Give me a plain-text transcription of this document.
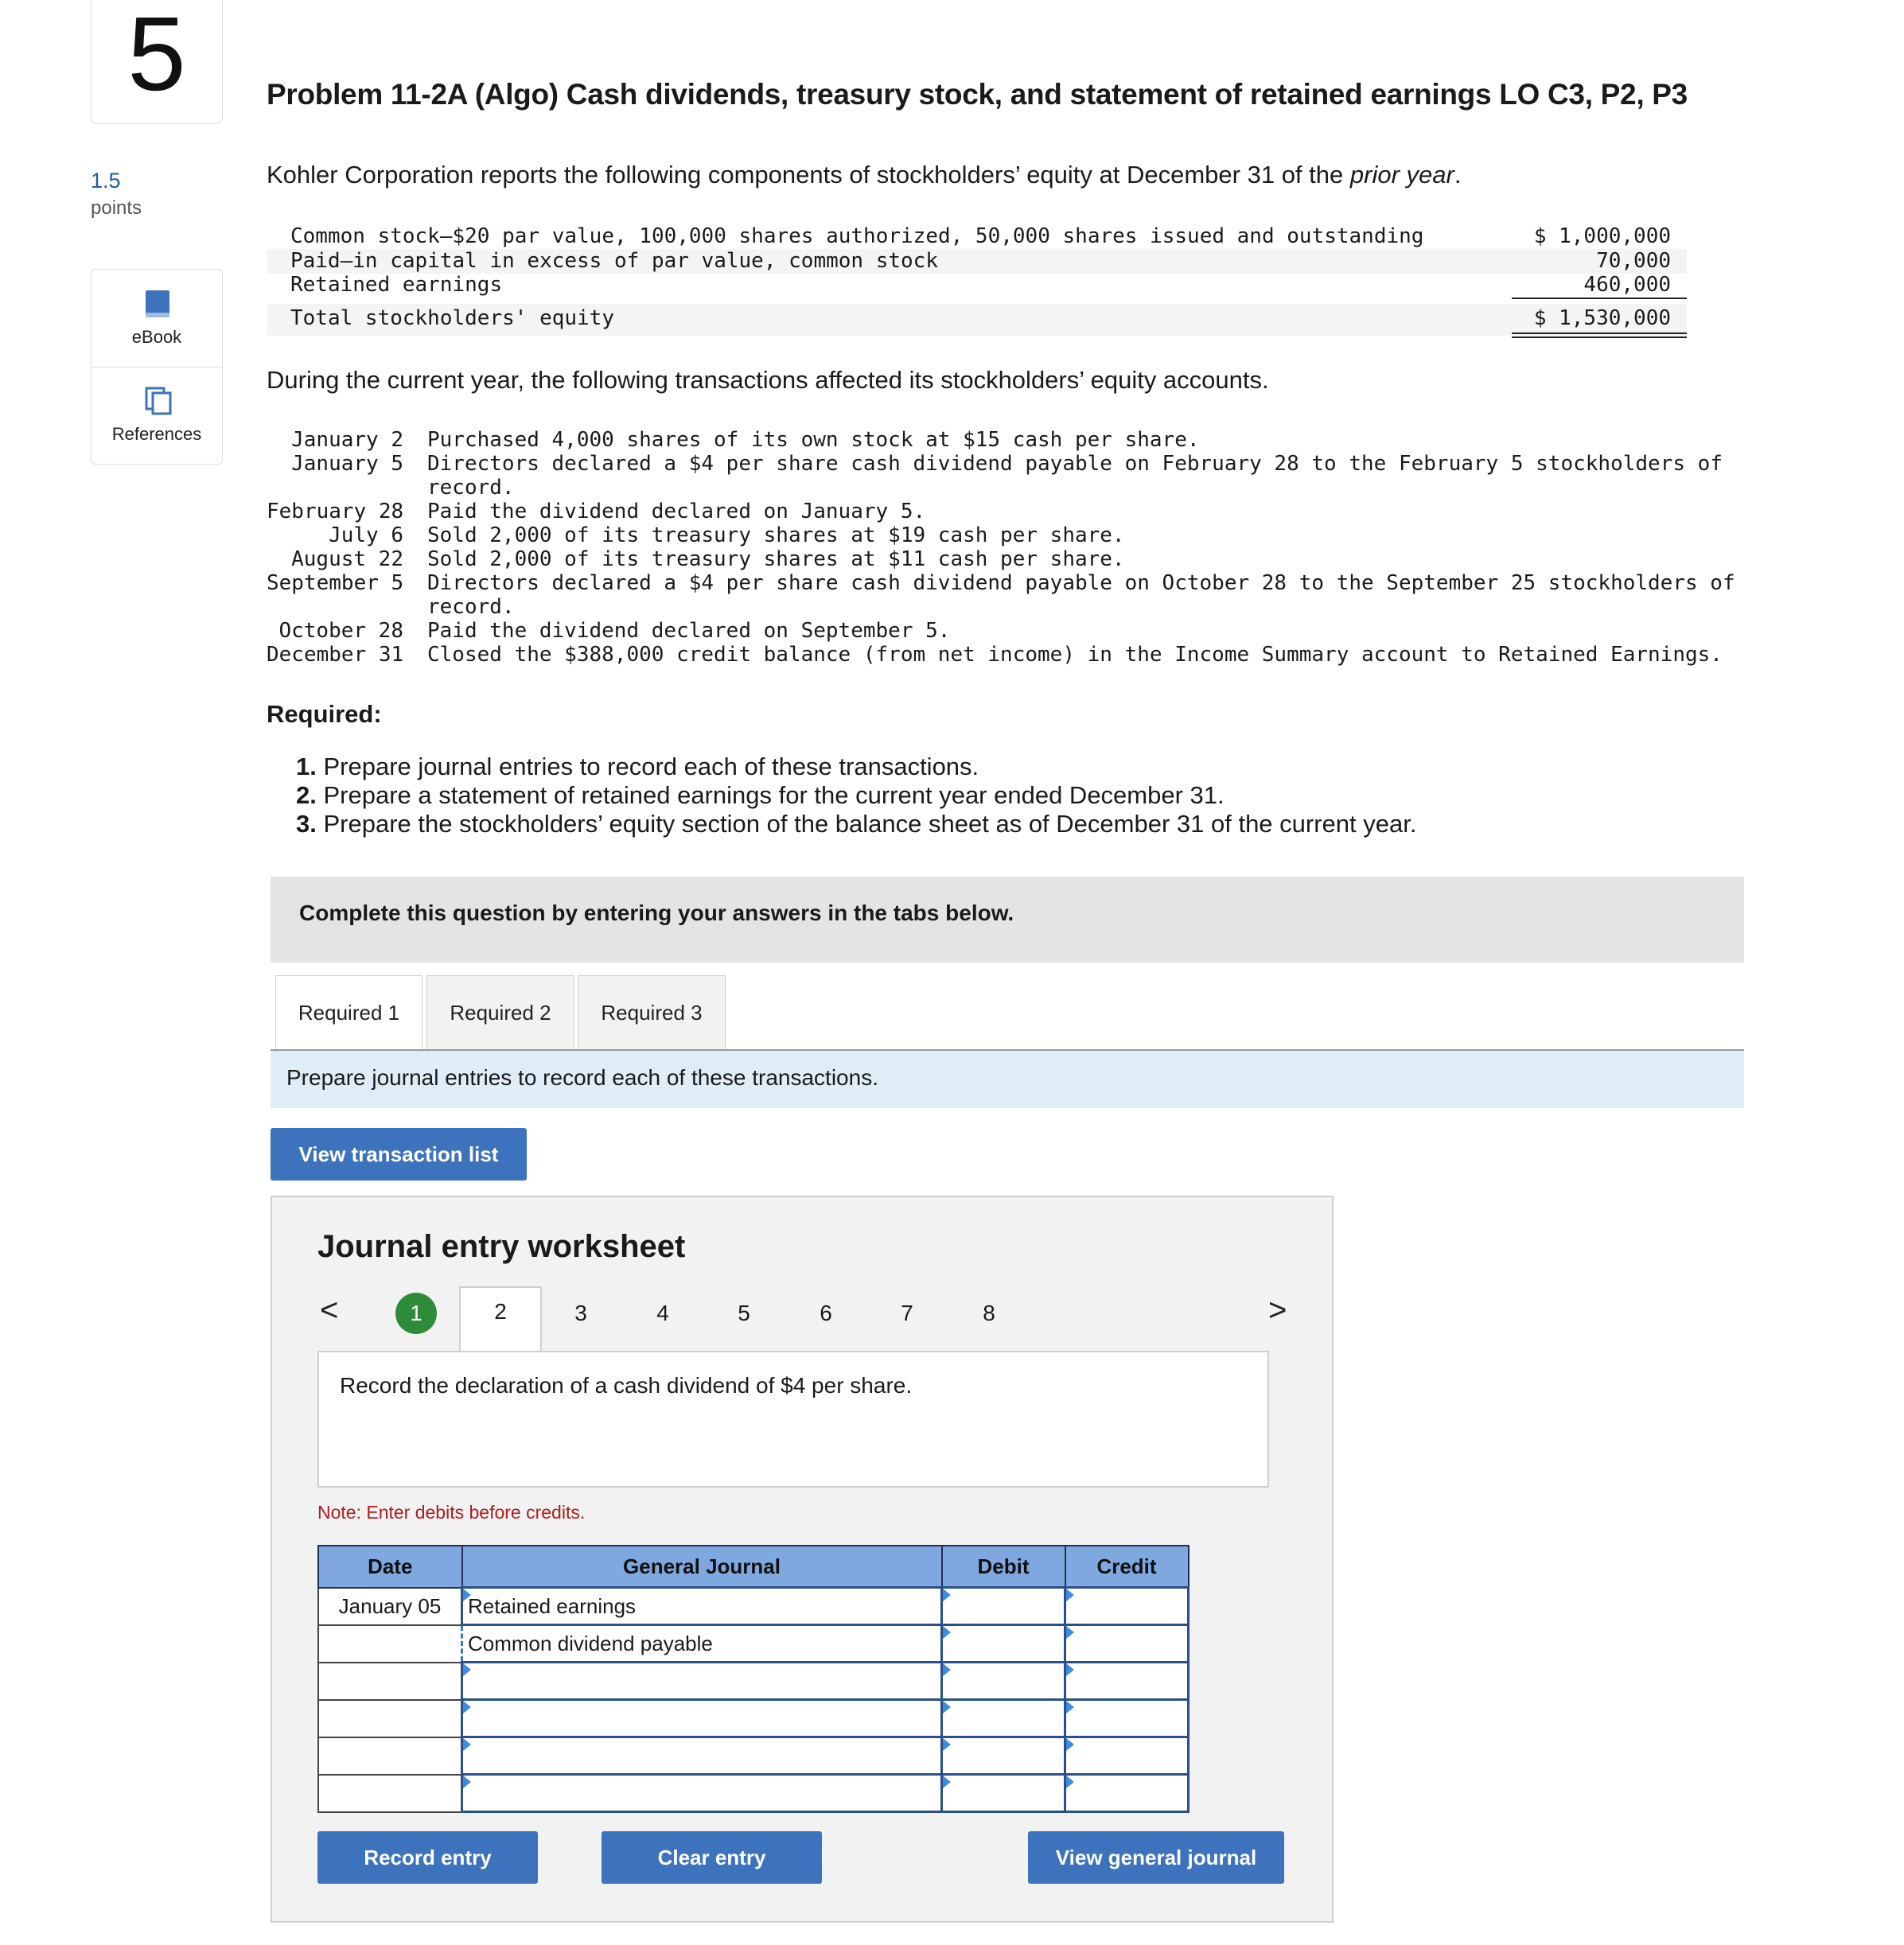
5
1.5
points
eBook
References
Problem 11-2A (Algo) Cash dividends, treasury stock, and statement of retained earnings LO C3, P2, P3
Kohler Corporation reports the following components of stockholders’ equity at December 31 of the prior year.
Common stock—$20 par value, 100,000 shares authorized, 50,000 shares issued and outstanding	$ 1,000,000
Paid—in capital in excess of par value, common stock	70,000
Retained earnings	460,000
Total stockholders' equity	$ 1,530,000
During the current year, the following transactions affected its stockholders’ equity accounts.
January 2 Purchased 4,000 shares of its own stock at $15 cash per share.
January 5 Directors declared a $4 per share cash dividend payable on February 28 to the February 5 stockholders of
record.
February 28 Paid the dividend declared on January 5.
July 6 Sold 2,000 of its treasury shares at $19 cash per share.
August 22 Sold 2,000 of its treasury shares at $11 cash per share.
September 5 Directors declared a $4 per share cash dividend payable on October 28 to the September 25 stockholders of
record.
October 28 Paid the dividend declared on September 5.
December 31 Closed the $388,000 credit balance (from net income) in the Income Summary account to Retained Earnings.
Required:
1. Prepare journal entries to record each of these transactions.
2. Prepare a statement of retained earnings for the current year ended December 31.
3. Prepare the stockholders’ equity section of the balance sheet as of December 31 of the current year.
Complete this question by entering your answers in the tabs below.
Required 1	Required 2	Required 3
Prepare journal entries to record each of these transactions.
View transaction list
Journal entry worksheet
<	1	2	3	4	5	6	7	8	>
Record the declaration of a cash dividend of $4 per share.
Note: Enter debits before credits.
Date	General Journal	Debit	Credit
January 05	Retained earnings		
	Common dividend payable		

Record entry	Clear entry	View general journal
